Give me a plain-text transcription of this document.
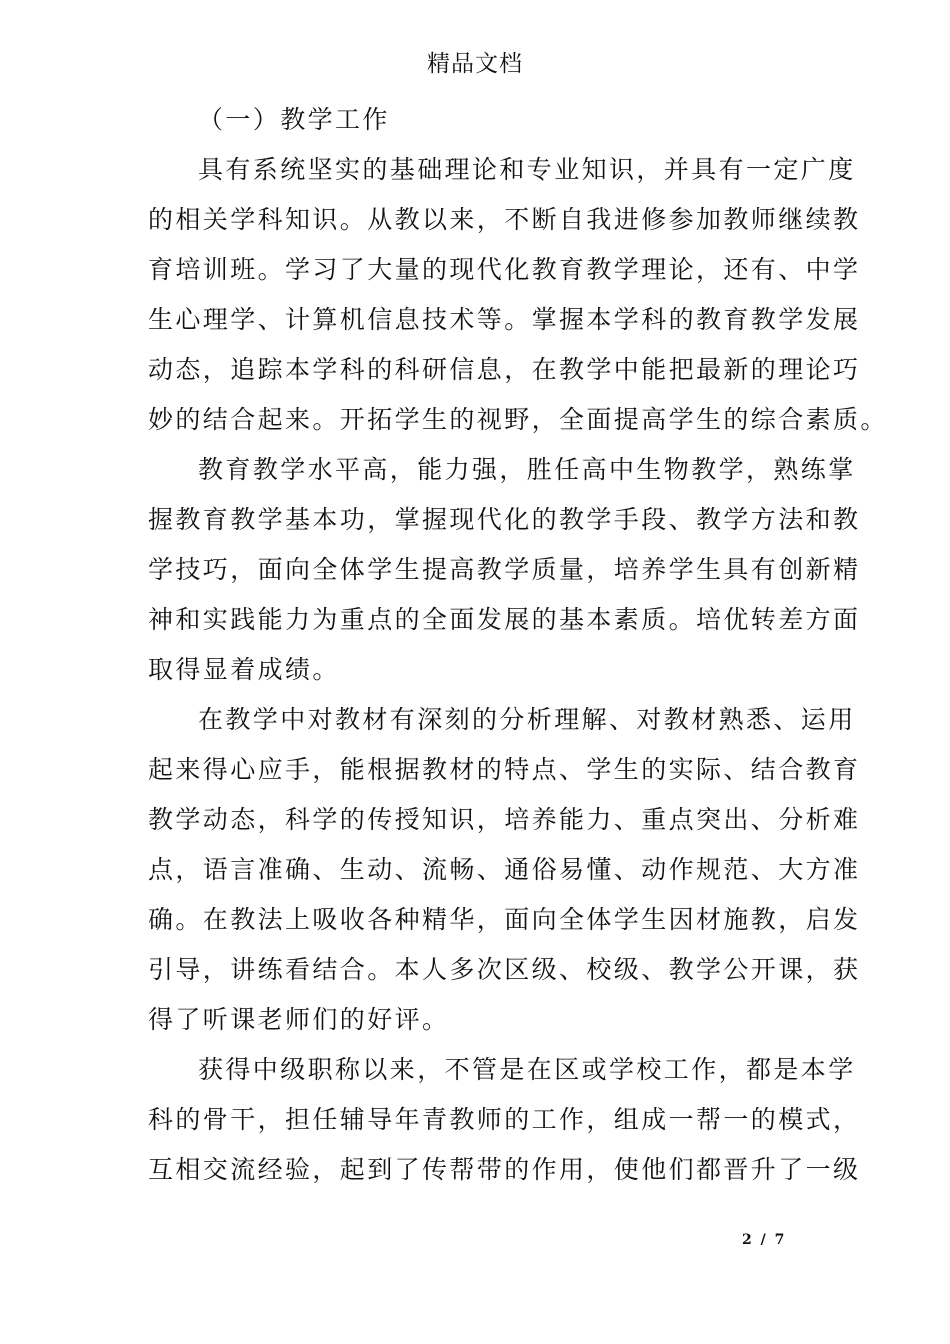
精品文档
（一）教学工作
具有系统坚实的基础理论和专业知识，并具有一定广度
的相关学科知识。从教以来，不断自我进修参加教师继续教
育培训班。学习了大量的现代化教育教学理论，还有、中学
生心理学、计算机信息技术等。掌握本学科的教育教学发展
动态，追踪本学科的科研信息，在教学中能把最新的理论巧
妙的结合起来。开拓学生的视野，全面提高学生的综合素质。
教育教学水平高，能力强，胜任高中生物教学，熟练掌
握教育教学基本功，掌握现代化的教学手段、教学方法和教
学技巧，面向全体学生提高教学质量，培养学生具有创新精
神和实践能力为重点的全面发展的基本素质。培优转差方面
取得显着成绩。
在教学中对教材有深刻的分析理解、对教材熟悉、运用
起来得心应手，能根据教材的特点、学生的实际、结合教育
教学动态，科学的传授知识，培养能力、重点突出、分析难
点，语言准确、生动、流畅、通俗易懂、动作规范、大方准
确。在教法上吸收各种精华，面向全体学生因材施教，启发
引导，讲练看结合。本人多次区级、校级、教学公开课，获
得了听课老师们的好评。
获得中级职称以来，不管是在区或学校工作，都是本学
科的骨干，担任辅导年青教师的工作，组成一帮一的模式，
互相交流经验，起到了传帮带的作用，使他们都晋升了一级
2 / 7
